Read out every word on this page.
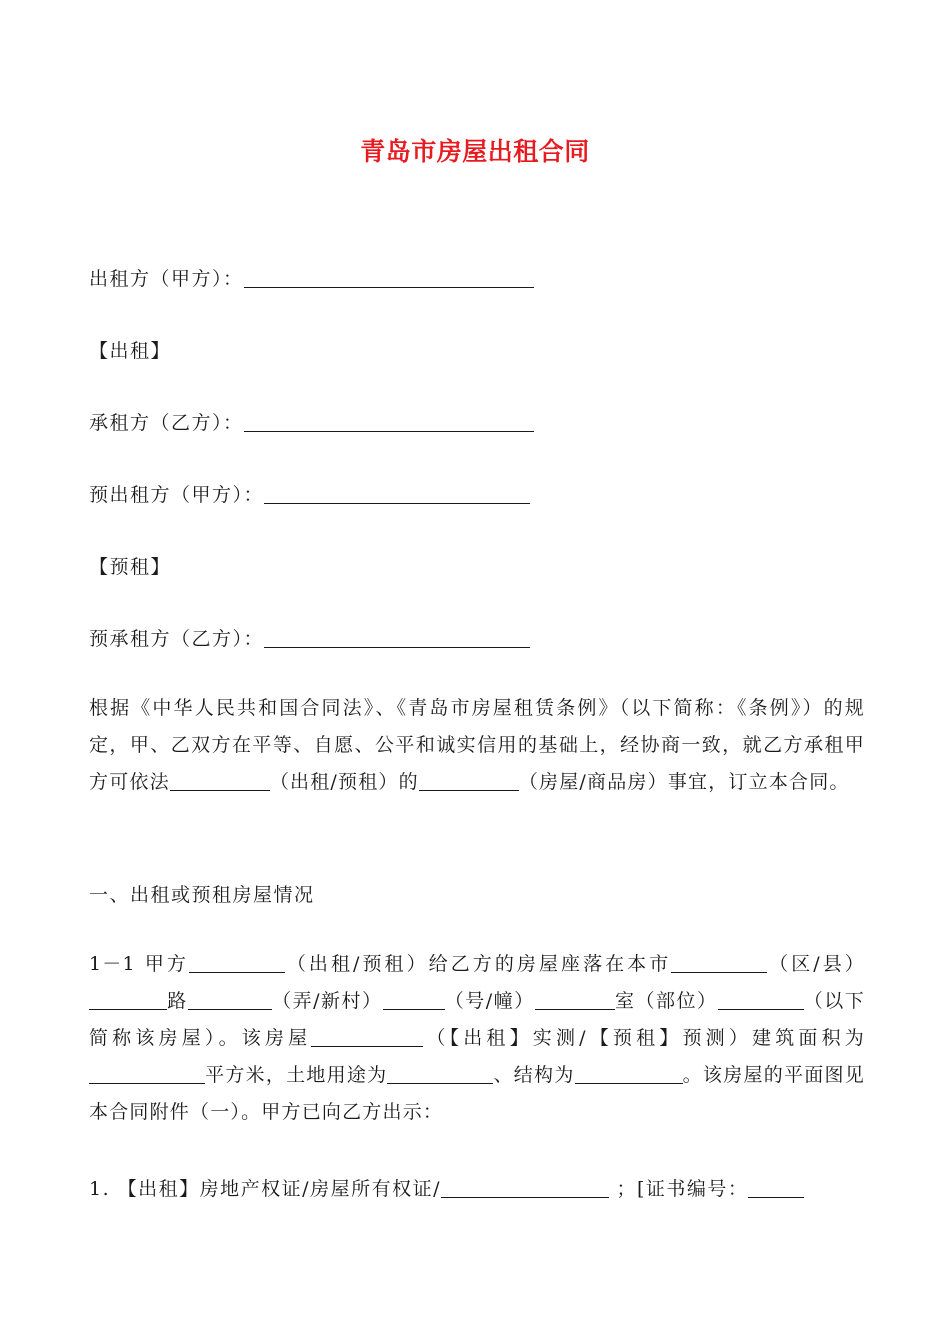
青岛市房屋出租合同

出租方（甲方）：

【出租】

承租方（乙方）：

预出租方（甲方）：

【预租】

预承租方（乙方）：

根据《中华人民共和国合同法》、《青岛市房屋租赁条例》（以下简称：《条例》）的规定，甲、乙双方在平等、自愿、公平和诚实信用的基础上，经协商一致，就乙方承租甲方可依法	（出租/预租）的	（房屋/商品房）事宜，订立本合同。

一、出租或预租房屋情况

1－1 甲方	（出租/预租）给乙方的房屋座落在本市	（区/县）路	（弄/新村）	（号/幢）	室（部位）	（以下简称该房屋）。该房屋	（【出租】实测/【预租】预测）建筑面积为平方米，土地用途为	、结构为	。该房屋的平面图见本合同附件（一）。甲方已向乙方出示：

1. 【出租】房地产权证/房屋所有权证/	；[证书编号：
